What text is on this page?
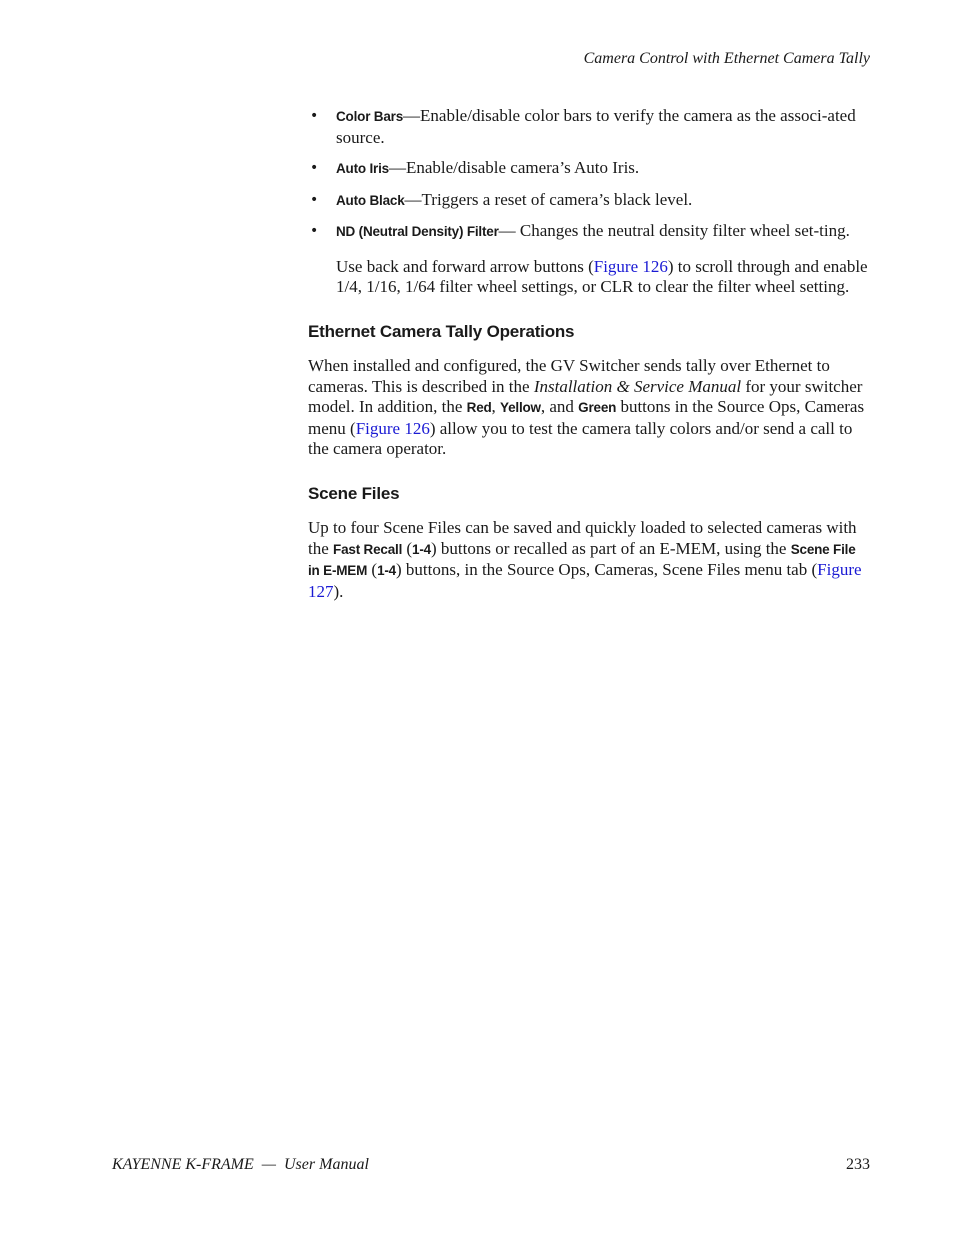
Camera Control with Ethernet Camera Tally
• Color Bars—Enable/disable color bars to verify the camera as the associ-ated source.
• Auto Iris—Enable/disable camera’s Auto Iris.
• Auto Black—Triggers a reset of camera’s black level.
• ND (Neutral Density) Filter— Changes the neutral density filter wheel set-ting.

Use back and forward arrow buttons (Figure 126) to scroll through and enable 1/4, 1/16, 1/64 filter wheel settings, or CLR to clear the filter wheel setting.

Ethernet Camera Tally Operations

When installed and configured, the GV Switcher sends tally over Ethernet to cameras. This is described in the Installation & Service Manual for your switcher model. In addition, the Red, Yellow, and Green buttons in the Source Ops, Cameras menu (Figure 126) allow you to test the camera tally colors and/or send a call to the camera operator.

Scene Files

Up to four Scene Files can be saved and quickly loaded to selected cameras with the Fast Recall (1-4) buttons or recalled as part of an E-MEM, using the Scene File in E-MEM (1-4) buttons, in the Source Ops, Cameras, Scene Files menu tab (Figure 127).

KAYENNE K-FRAME  —  User Manual	233
